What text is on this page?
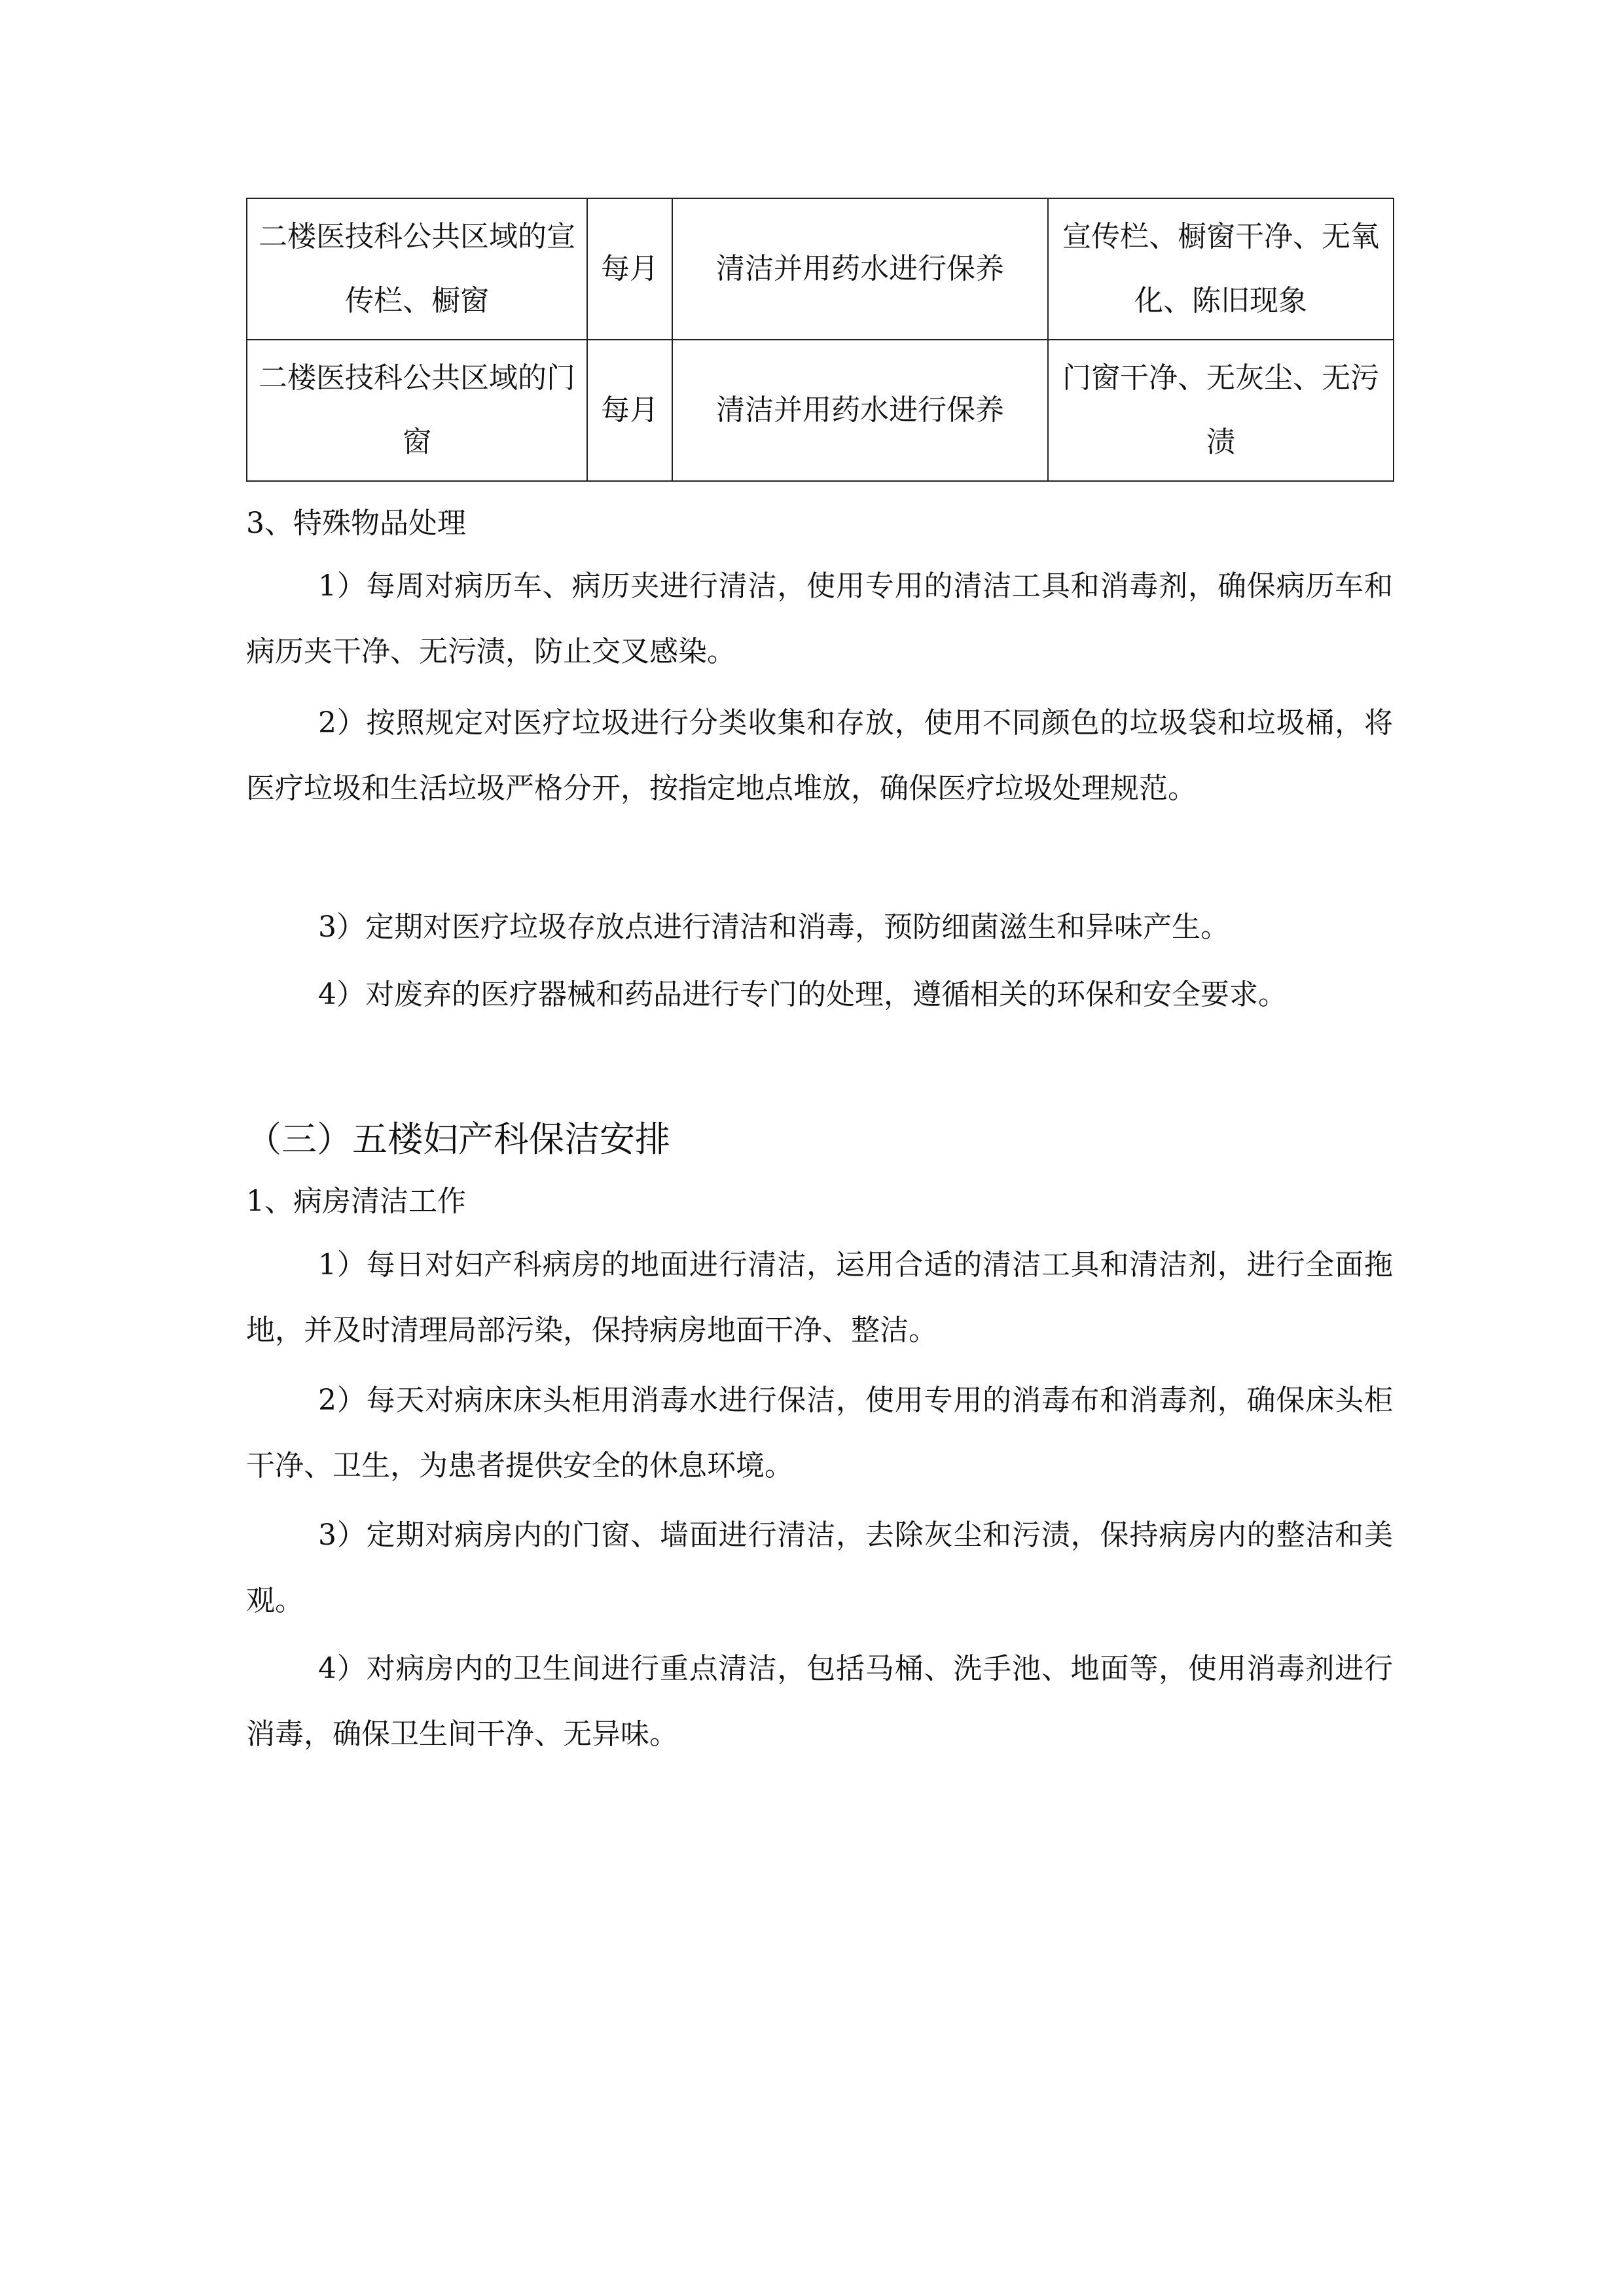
二楼医技科公共区域的宣传栏、橱窗	每月	清洁并用药水进行保养	宣传栏、橱窗干净、无氧化、陈旧现象
二楼医技科公共区域的门窗	每月	清洁并用药水进行保养	门窗干净、无灰尘、无污渍
3、特殊物品处理
1）每周对病历车、病历夹进行清洁，使用专用的清洁工具和消毒剂，确保病历车和病历夹干净、无污渍，防止交叉感染。
2）按照规定对医疗垃圾进行分类收集和存放，使用不同颜色的垃圾袋和垃圾桶，将医疗垃圾和生活垃圾严格分开，按指定地点堆放，确保医疗垃圾处理规范。
3）定期对医疗垃圾存放点进行清洁和消毒，预防细菌滋生和异味产生。
4）对废弃的医疗器械和药品进行专门的处理，遵循相关的环保和安全要求。
（三）五楼妇产科保洁安排
1、病房清洁工作
1）每日对妇产科病房的地面进行清洁，运用合适的清洁工具和清洁剂，进行全面拖地，并及时清理局部污染，保持病房地面干净、整洁。
2）每天对病床床头柜用消毒水进行保洁，使用专用的消毒布和消毒剂，确保床头柜干净、卫生，为患者提供安全的休息环境。
3）定期对病房内的门窗、墙面进行清洁，去除灰尘和污渍，保持病房内的整洁和美观。
4）对病房内的卫生间进行重点清洁，包括马桶、洗手池、地面等，使用消毒剂进行消毒，确保卫生间干净、无异味。
